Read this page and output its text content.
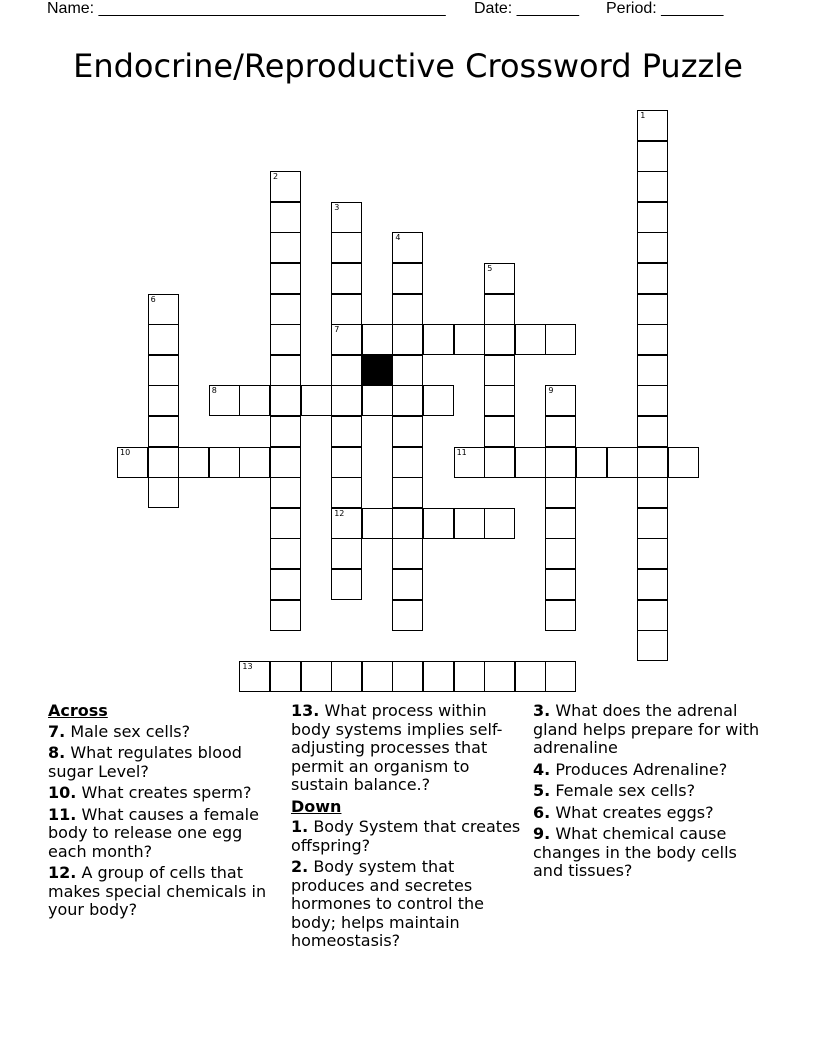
Name: _______________________________________ Date: _______ Period: _______
Endocrine/Reproductive Crossword Puzzle
1
2
3
7
12
4
5
6
8	9
10	11
13
Across
7. Male sex cells?
8. What regulates blood sugar Level?
10. What creates sperm?
11. What causes a female body to release one egg each month?
12. A group of cells that makes special chemicals in your body?
13. What process within body systems implies self-adjusting processes that permit an organism to sustain balance.?
Down
1. Body System that creates offspring?
2. Body system that produces and secretes hormones to control the body; helps maintain homeostasis?
3. What does the adrenal gland helps prepare for with adrenaline
4. Produces Adrenaline?
5. Female sex cells?
6. What creates eggs?
9. What chemical cause changes in the body cells and tissues?
